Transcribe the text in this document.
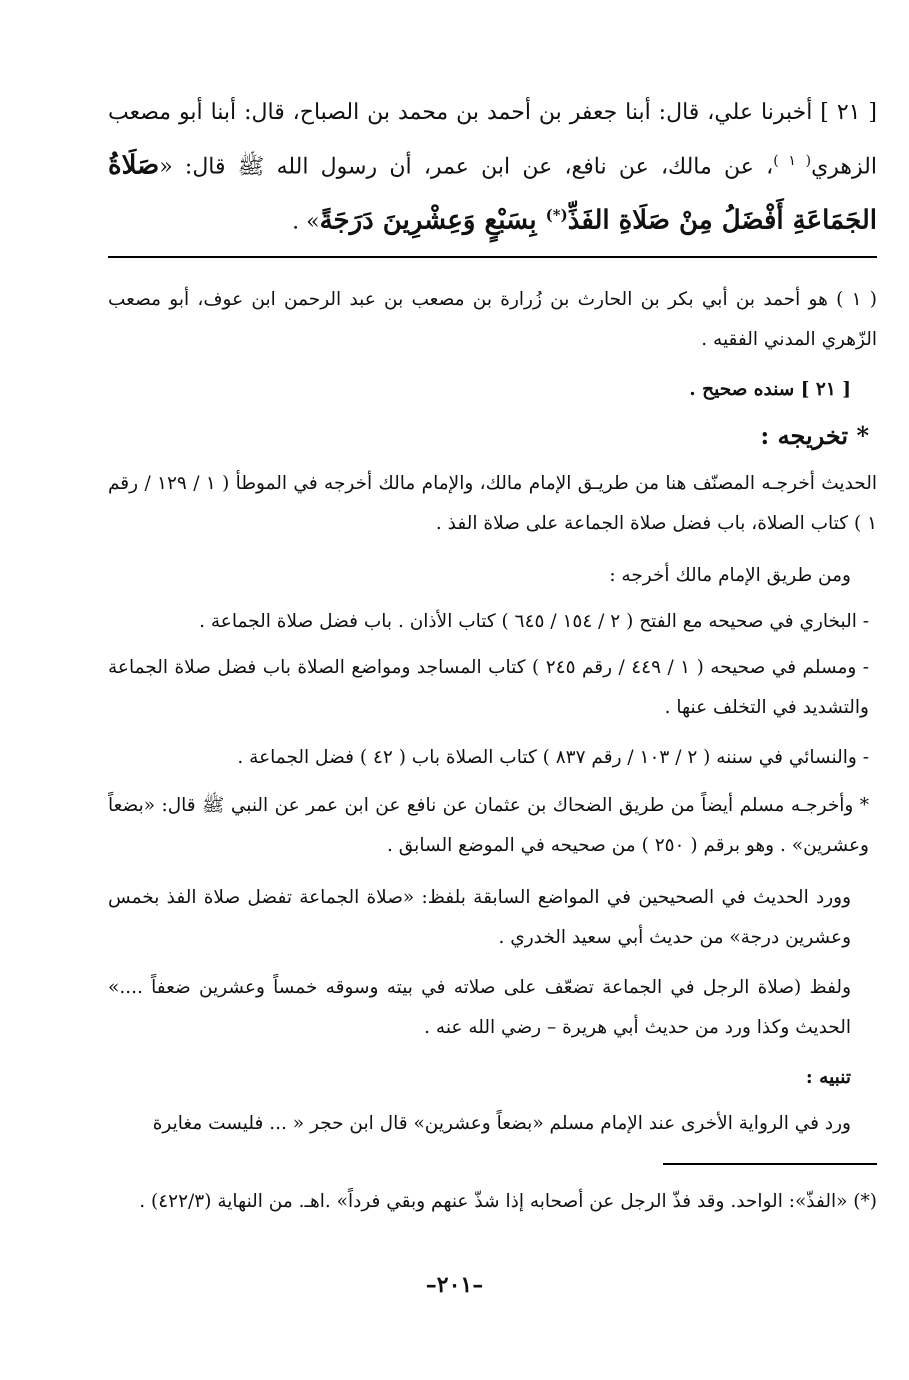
[ ٢١ ] أخبرنا علي، قال: أبنا جعفر بن أحمد بن محمد بن الصباح، قال: أبنا أبو مصعب الزهري$^{( ١ )}$، عن مالك، عن نافع، عن ابن عمر، أن رسول الله ﷺ قال: «صَلَاةُ الجَمَاعَةِ أَفْضَلُ مِنْ صَلَاةِ الفَذِّ(*) بِسَبْعٍ وَعِشْرِينَ دَرَجَةً» .

( ١ ) هو أحمد بن أبي بكر بن الحارث بن زُرارة بن مصعب بن عبد الرحمن ابن عوف، أبو مصعب الزّهري المدني الفقيه .

[ ٢١ ] سنده صحيح .

* تخريجه :

الحديث أخرجـه المصنّف هنا من طريـق الإمام مالك، والإمام مالك أخرجه في الموطأ ( ١ / ١٢٩ / رقم ١ ) كتاب الصلاة، باب فضل صلاة الجماعة على صلاة الفذ .

ومن طريق الإمام مالك أخرجه :

- البخاري في صحيحه مع الفتح ( ٢ / ١٥٤ / ٦٤٥ ) كتاب الأذان . باب فضل صلاة الجماعة .

- ومسلم في صحيحه ( ١ / ٤٤٩ / رقم ٢٤٥ ) كتاب المساجد ومواضع الصلاة باب فضل صلاة الجماعة والتشديد في التخلف عنها .

- والنسائي في سننه ( ٢ / ١٠٣ / رقم ٨٣٧ ) كتاب الصلاة باب ( ٤٢ ) فضل الجماعة .

* وأخرجـه مسلم أيضاً من طريق الضحاك بن عثمان عن نافع عن ابن عمر عن النبي ﷺ قال: «بضعاً وعشرين» . وهو برقم ( ٢٥٠ ) من صحيحه في الموضع السابق .

وورد الحديث في الصحيحين في المواضع السابقة بلفظ: «صلاة الجماعة تفضل صلاة الفذ بخمس وعشرين درجة» من حديث أبي سعيد الخدري .

ولفظ (صلاة الرجل في الجماعة تضعّف على صلاته في بيته وسوقه خمساً وعشرين ضعفاً ....» الحديث وكذا ورد من حديث أبي هريرة – رضي الله عنه .

تنبيه :

ورد في الرواية الأخرى عند الإمام مسلم «بضعاً وعشرين» قال ابن حجر « ... فليست مغايرة

(*) «الفذّ»: الواحد. وقد فذّ الرجل عن أصحابه إذا شذّ عنهم وبقي فرداً» .اهـ. من النهاية (٤٢٢/٣) .

–٢٠١–
